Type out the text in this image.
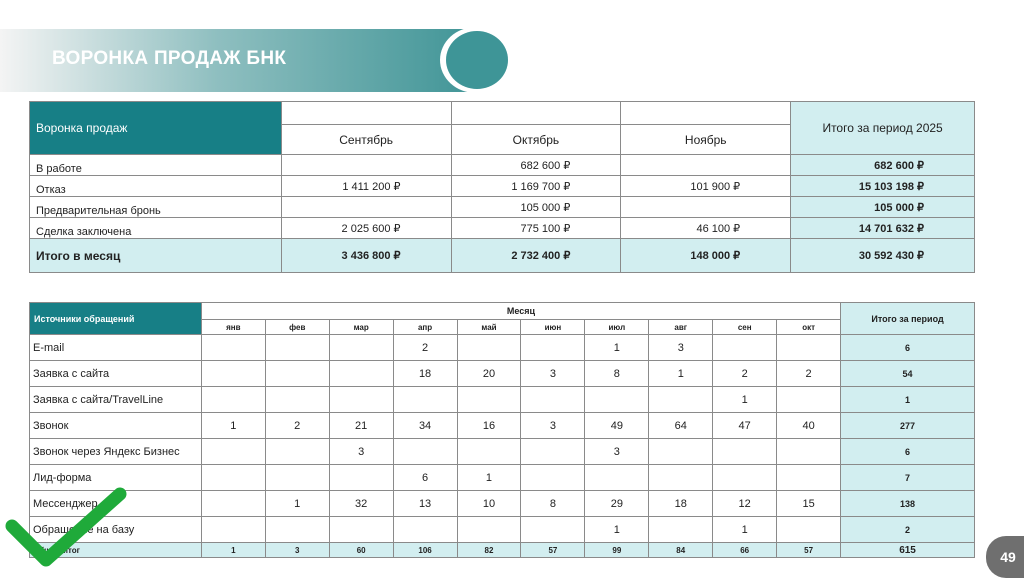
ВОРОНКА ПРОДАЖ БНК
Воронка продаж				Итого за период 2025
	Сентябрь	Октябрь	Ноябрь	
В работе		682 600 ₽		682 600 ₽
Отказ	1 411 200 ₽	1 169 700 ₽	101 900 ₽	15 103 198 ₽
Предварительная бронь		105 000 ₽		105 000 ₽
Сделка заключена	2 025 600 ₽	775 100 ₽	46 100 ₽	14 701 632 ₽
Итого в месяц	3 436 800 ₽	2 732 400 ₽	148 000 ₽	30 592 430 ₽
Источники обращений	Месяц										Итого за период
	янв	фев	мар	апр	май	июн	июл	авг	сен	окт	
E-mail				2			1	3			6
Заявка с сайта				18	20	3	8	1	2	2	54
Заявка с сайта/TravelLine									1		1
Звонок	1	2	21	34	16	3	49	64	47	40	277
Звонок через Яндекс Бизнес			3				3				6
Лид-форма				6	1						7
Мессенджер		1	32	13	10	8	29	18	12	15	138
Обращение на базу							1		1		2
Общий итог	1	3	60	106	82	57	99	84	66	57	615	49
